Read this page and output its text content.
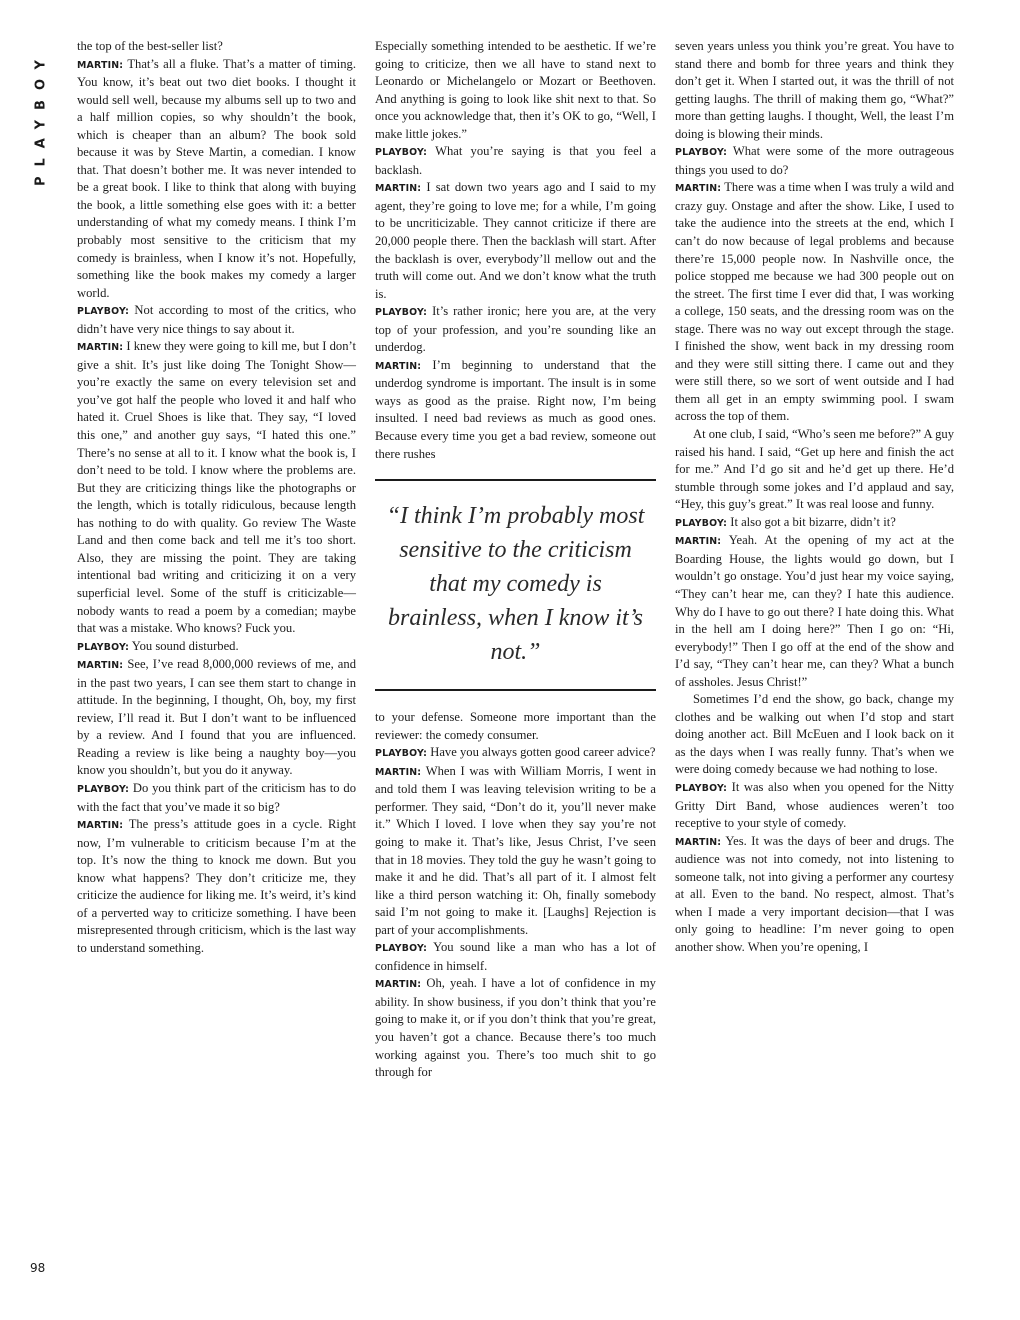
PLAYBOY
98

the top of the best-seller list?

MARTIN: That’s all a fluke. That’s a matter of timing. You know, it’s beat out two diet books. I thought it would sell well, because my albums sell up to two and a half million copies, so why shouldn’t the book, which is cheaper than an album? The book sold because it was by Steve Martin, a comedian. I know that. That doesn’t bother me. It was never intended to be a great book. I like to think that along with buying the book, a little something else goes with it: a better understanding of what my comedy means. I think I’m probably most sensitive to the criticism that my comedy is brainless, when I know it’s not. Hopefully, something like the book makes my comedy a larger world.

PLAYBOY: Not according to most of the critics, who didn’t have very nice things to say about it.

MARTIN: I knew they were going to kill me, but I don’t give a shit. It’s just like doing The Tonight Show—you’re exactly the same on every television set and you’ve got half the people who loved it and half who hated it. Cruel Shoes is like that. They say, “I loved this one,” and another guy says, “I hated this one.” There’s no sense at all to it. I know what the book is, I don’t need to be told. I know where the problems are. But they are criticizing things like the photographs or the length, which is totally ridiculous, because length has nothing to do with quality. Go review The Waste Land and then come back and tell me it’s too short. Also, they are missing the point. They are taking intentional bad writing and criticizing it on a very superficial level. Some of the stuff is criticizable—nobody wants to read a poem by a comedian; maybe that was a mistake. Who knows? Fuck you.

PLAYBOY: You sound disturbed.

MARTIN: See, I’ve read 8,000,000 reviews of me, and in the past two years, I can see them start to change in attitude. In the beginning, I thought, Oh, boy, my first review, I’ll read it. But I don’t want to be influenced by a review. And I found that you are influenced. Reading a review is like being a naughty boy—you know you shouldn’t, but you do it anyway.

PLAYBOY: Do you think part of the criticism has to do with the fact that you’ve made it so big?

MARTIN: The press’s attitude goes in a cycle. Right now, I’m vulnerable to criticism because I’m at the top. It’s now the thing to knock me down. But you know what happens? They don’t criticize me, they criticize the audience for liking me. It’s weird, it’s kind of a perverted way to criticize something. I have been misrepresented through criticism, which is the last way to understand something.

Especially something intended to be aesthetic. If we’re going to criticize, then we all have to stand next to Leonardo or Michelangelo or Mozart or Beethoven. And anything is going to look like shit next to that. So once you acknowledge that, then it’s OK to go, “Well, I make little jokes.”

PLAYBOY: What you’re saying is that you feel a backlash.

MARTIN: I sat down two years ago and I said to my agent, they’re going to love me; for a while, I’m going to be uncriticizable. They cannot criticize if there are 20,000 people there. Then the backlash will start. After the backlash is over, everybody’ll mellow out and the truth will come out. And we don’t know what the truth is.

PLAYBOY: It’s rather ironic; here you are, at the very top of your profession, and you’re sounding like an underdog.

MARTIN: I’m beginning to understand that the underdog syndrome is important. The insult is in some ways as good as the praise. Right now, I’m being insulted. I need bad reviews as much as good ones. Because every time you get a bad review, someone out there rushes

“I think I’m probably most sensitive to the criticism that my comedy is brainless, when I know it’s not.”

to your defense. Someone more important than the reviewer: the comedy consumer.

PLAYBOY: Have you always gotten good career advice?

MARTIN: When I was with William Morris, I went in and told them I was leaving television writing to be a performer. They said, “Don’t do it, you’ll never make it.” Which I loved. I love when they say you’re not going to make it. That’s like, Jesus Christ, I’ve seen that in 18 movies. They told the guy he wasn’t going to make it and he did. That’s all part of it. I almost felt like a third person watching it: Oh, finally somebody said I’m not going to make it. [Laughs] Rejection is part of your accomplishments.

PLAYBOY: You sound like a man who has a lot of confidence in himself.

MARTIN: Oh, yeah. I have a lot of confidence in my ability. In show business, if you don’t think that you’re going to make it, or if you don’t think that you’re great, you haven’t got a chance. Because there’s too much working against you. There’s too much shit to go through for

seven years unless you think you’re great. You have to stand there and bomb for three years and think they don’t get it. When I started out, it was the thrill of not getting laughs. The thrill of making them go, “What?” more than getting laughs. I thought, Well, the least I’m doing is blowing their minds.

PLAYBOY: What were some of the more outrageous things you used to do?

MARTIN: There was a time when I was truly a wild and crazy guy. Onstage and after the show. Like, I used to take the audience into the streets at the end, which I can’t do now because of legal problems and because there’re 15,000 people now. In Nashville once, the police stopped me because we had 300 people out on the street. The first time I ever did that, I was working a college, 150 seats, and the dressing room was on the stage. There was no way out except through the stage. I finished the show, went back in my dressing room and they were still sitting there. I came out and they were still there, so we sort of went outside and I had them all get in an empty swimming pool. I swam across the top of them.

At one club, I said, “Who’s seen me before?” A guy raised his hand. I said, “Get up here and finish the act for me.” And I’d go sit and he’d get up there. He’d stumble through some jokes and I’d applaud and say, “Hey, this guy’s great.” It was real loose and funny.

PLAYBOY: It also got a bit bizarre, didn’t it?

MARTIN: Yeah. At the opening of my act at the Boarding House, the lights would go down, but I wouldn’t go onstage. You’d just hear my voice saying, “They can’t hear me, can they? I hate this audience. Why do I have to go out there? I hate doing this. What in the hell am I doing here?” Then I go on: “Hi, everybody!” Then I go off at the end of the show and I’d say, “They can’t hear me, can they? What a bunch of assholes. Jesus Christ!”

Sometimes I’d end the show, go back, change my clothes and be walking out when I’d stop and start doing another act. Bill McEuen and I look back on it as the days when I was really funny. That’s when we were doing comedy because we had nothing to lose.

PLAYBOY: It was also when you opened for the Nitty Gritty Dirt Band, whose audiences weren’t too receptive to your style of comedy.

MARTIN: Yes. It was the days of beer and drugs. The audience was not into comedy, not into listening to someone talk, not into giving a performer any courtesy at all. Even to the band. No respect, almost. That’s when I made a very important decision—that I was only going to headline: I’m never going to open another show. When you’re opening, I
